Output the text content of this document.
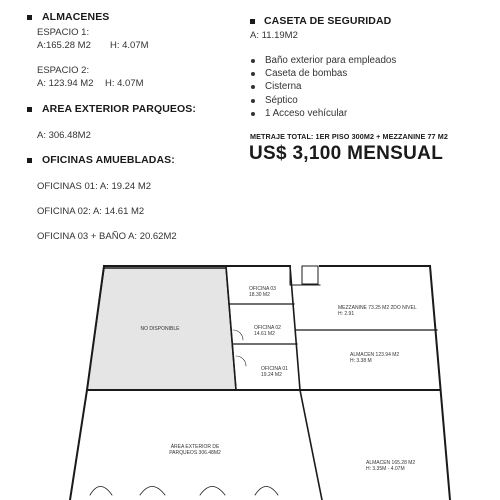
ALMACENES
ESPACIO 1:
A:165.28 M2 H: 4.07M
ESPACIO 2:
A: 123.94 M2 H: 4.07M
AREA EXTERIOR PARQUEOS:
A: 306.48M2
OFICINAS AMUEBLADAS:
OFICINAS 01: A: 19.24 M2
OFICINA 02: A: 14.61 M2
OFICINA 03 + BAÑO A: 20.62M2
CASETA DE SEGURIDAD
A: 11.19M2
Baño exterior para empleados
Caseta de bombas
Cisterna
Séptico
1 Acceso vehícular
METRAJE TOTAL: 1ER PISO 300M2 + MEZZANINE 77 M2
US$ 3,100 MENSUAL
NO DISPONIBLE
OFICINA 03
18.30 M2
OFICINA 02
14.61 M2
OFICINA 01
19.24 M2
MEZZANINE 73.25 M2 2DO NIVEL
H: 2.91
ALMACEN 123.94 M2
H: 3.38 M
ALMACEN 165.28 M2
H: 3.35M - 4.07M
ÁREA EXTERIOR DE
PARQUEOS 306.48M2
